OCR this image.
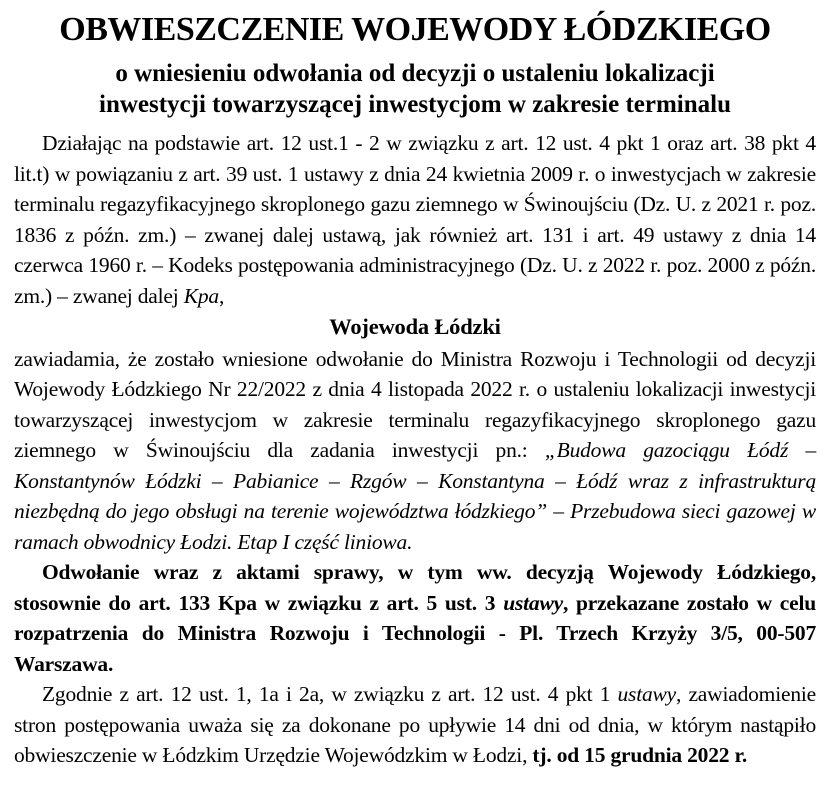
OBWIESZCZENIE WOJEWODY ŁÓDZKIEGO
o wniesieniu odwołania od decyzji o ustaleniu lokalizacji
inwestycji towarzyszącej inwestycjom w zakresie terminalu

Działając na podstawie art. 12 ust.1 - 2 w związku z art. 12 ust. 4 pkt 1 oraz art. 38 pkt 4 lit.t) w powiązaniu z art. 39 ust. 1 ustawy z dnia 24 kwietnia 2009 r. o inwestycjach w zakresie terminalu regazyfikacyjnego skroplonego gazu ziemnego w Świnoujściu (Dz. U. z 2021 r. poz. 1836 z późn. zm.) – zwanej dalej ustawą, jak również art. 131 i art. 49 ustawy z dnia 14 czerwca 1960 r. – Kodeks postępowania administracyjnego (Dz. U. z 2022 r. poz. 2000 z późn. zm.) – zwanej dalej Kpa,

Wojewoda Łódzki

zawiadamia, że zostało wniesione odwołanie do Ministra Rozwoju i Technologii od decyzji Wojewody Łódzkiego Nr 22/2022 z dnia 4 listopada 2022 r. o ustaleniu lokalizacji inwestycji towarzyszącej inwestycjom w zakresie terminalu regazyfikacyjnego skroplonego gazu ziemnego w Świnoujściu dla zadania inwestycji pn.: „Budowa gazociągu Łódź – Konstantynów Łódzki – Pabianice – Rzgów – Konstantyna – Łódź wraz z infrastrukturą niezbędną do jego obsługi na terenie województwa łódzkiego” – Przebudowa sieci gazowej w ramach obwodnicy Łodzi. Etap I część liniowa.

Odwołanie wraz z aktami sprawy, w tym ww. decyzją Wojewody Łódzkiego, stosownie do art. 133 Kpa w związku z art. 5 ust. 3 ustawy, przekazane zostało w celu rozpatrzenia do Ministra Rozwoju i Technologii - Pl. Trzech Krzyży 3/5, 00-507 Warszawa.

Zgodnie z art. 12 ust. 1, 1a i 2a, w związku z art. 12 ust. 4 pkt 1 ustawy, zawiadomienie stron postępowania uważa się za dokonane po upływie 14 dni od dnia, w którym nastąpiło obwieszczenie w Łódzkim Urzędzie Wojewódzkim w Łodzi, tj. od 15 grudnia 2022 r.
